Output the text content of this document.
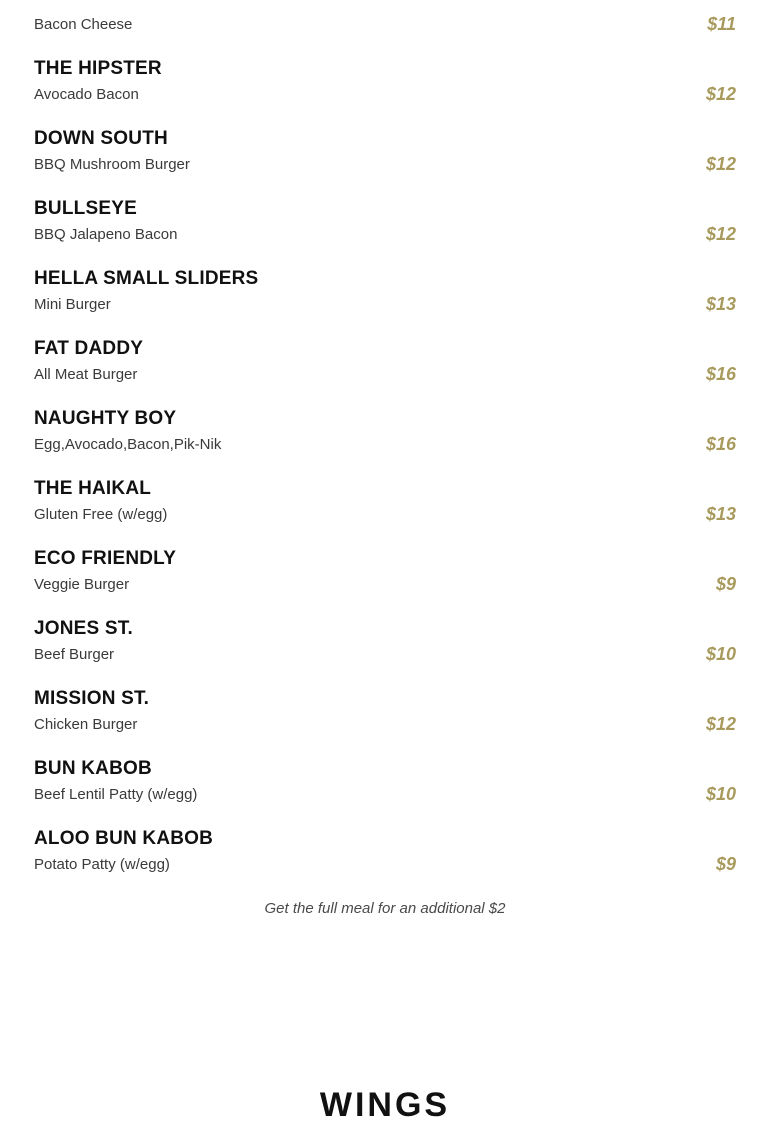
Bacon Cheese	$11
THE HIPSTER
Avocado Bacon	$12
DOWN SOUTH
BBQ Mushroom Burger	$12
BULLSEYE
BBQ Jalapeno Bacon	$12
HELLA SMALL SLIDERS
Mini Burger	$13
FAT DADDY
All Meat Burger	$16
NAUGHTY BOY
Egg,Avocado,Bacon,Pik-Nik	$16
THE HAIKAL
Gluten Free (w/egg)	$13
ECO FRIENDLY
Veggie Burger	$9
JONES ST.
Beef Burger	$10
MISSION ST.
Chicken Burger	$12
BUN KABOB
Beef Lentil Patty (w/egg)	$10
ALOO BUN KABOB
Potato Patty (w/egg)	$9
Get the full meal for an additional $2
WINGS
